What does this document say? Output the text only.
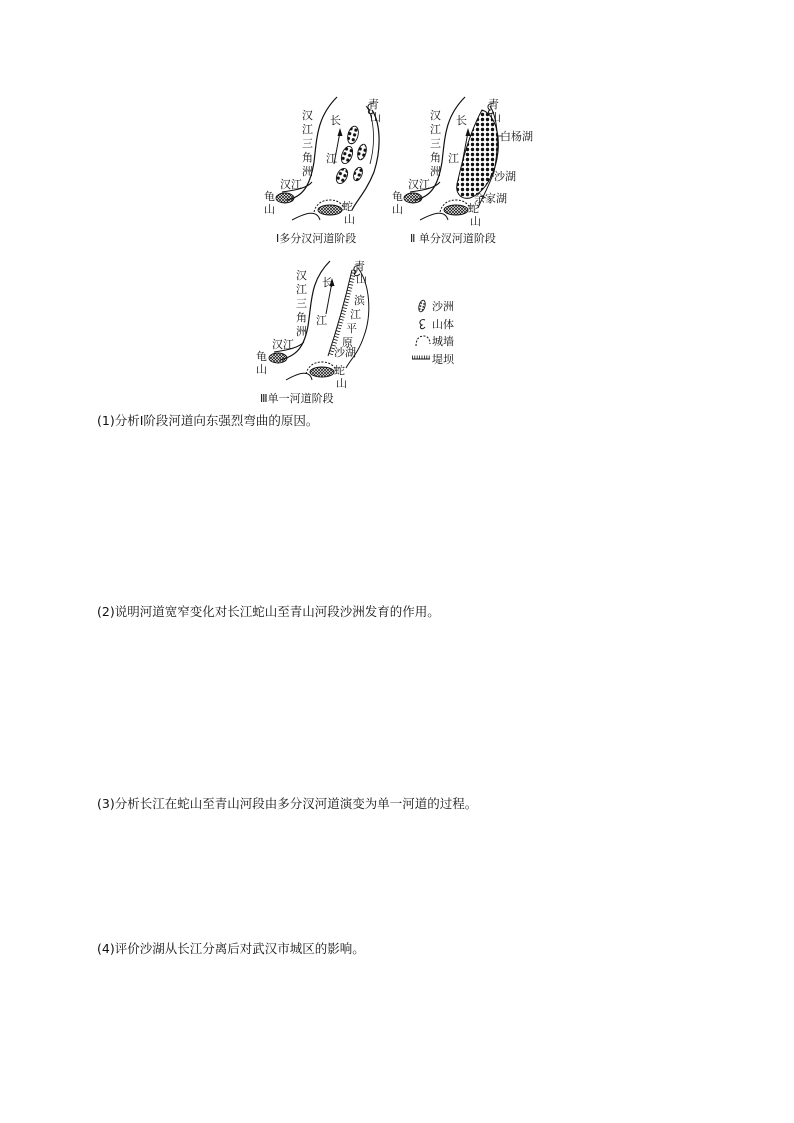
汉
江
三
角
洲
长
江
青
山
汉江
龟
山	蛇
山
Ⅰ多分汉河道阶段
汉
江
三
角
洲
长
江
青
山
白杨湖
沙湖
余家湖
汉江
龟
山	蛇
山
Ⅱ 单分汊河道阶段
汉
江
三
角
洲
长
江
青
山
滨
江
平
原
沙湖
汉江
龟
山	蛇
山
Ⅲ单一河道阶段
沙洲
山体
城墙
堤坝
(1)分析Ⅰ阶段河道向东强烈弯曲的原因。
(2)说明河道宽窄变化对长江蛇山至青山河段沙洲发育的作用。
(3)分析长江在蛇山至青山河段由多分汊河道演变为单一河道的过程。
(4)评价沙湖从长江分离后对武汉市城区的影响。
